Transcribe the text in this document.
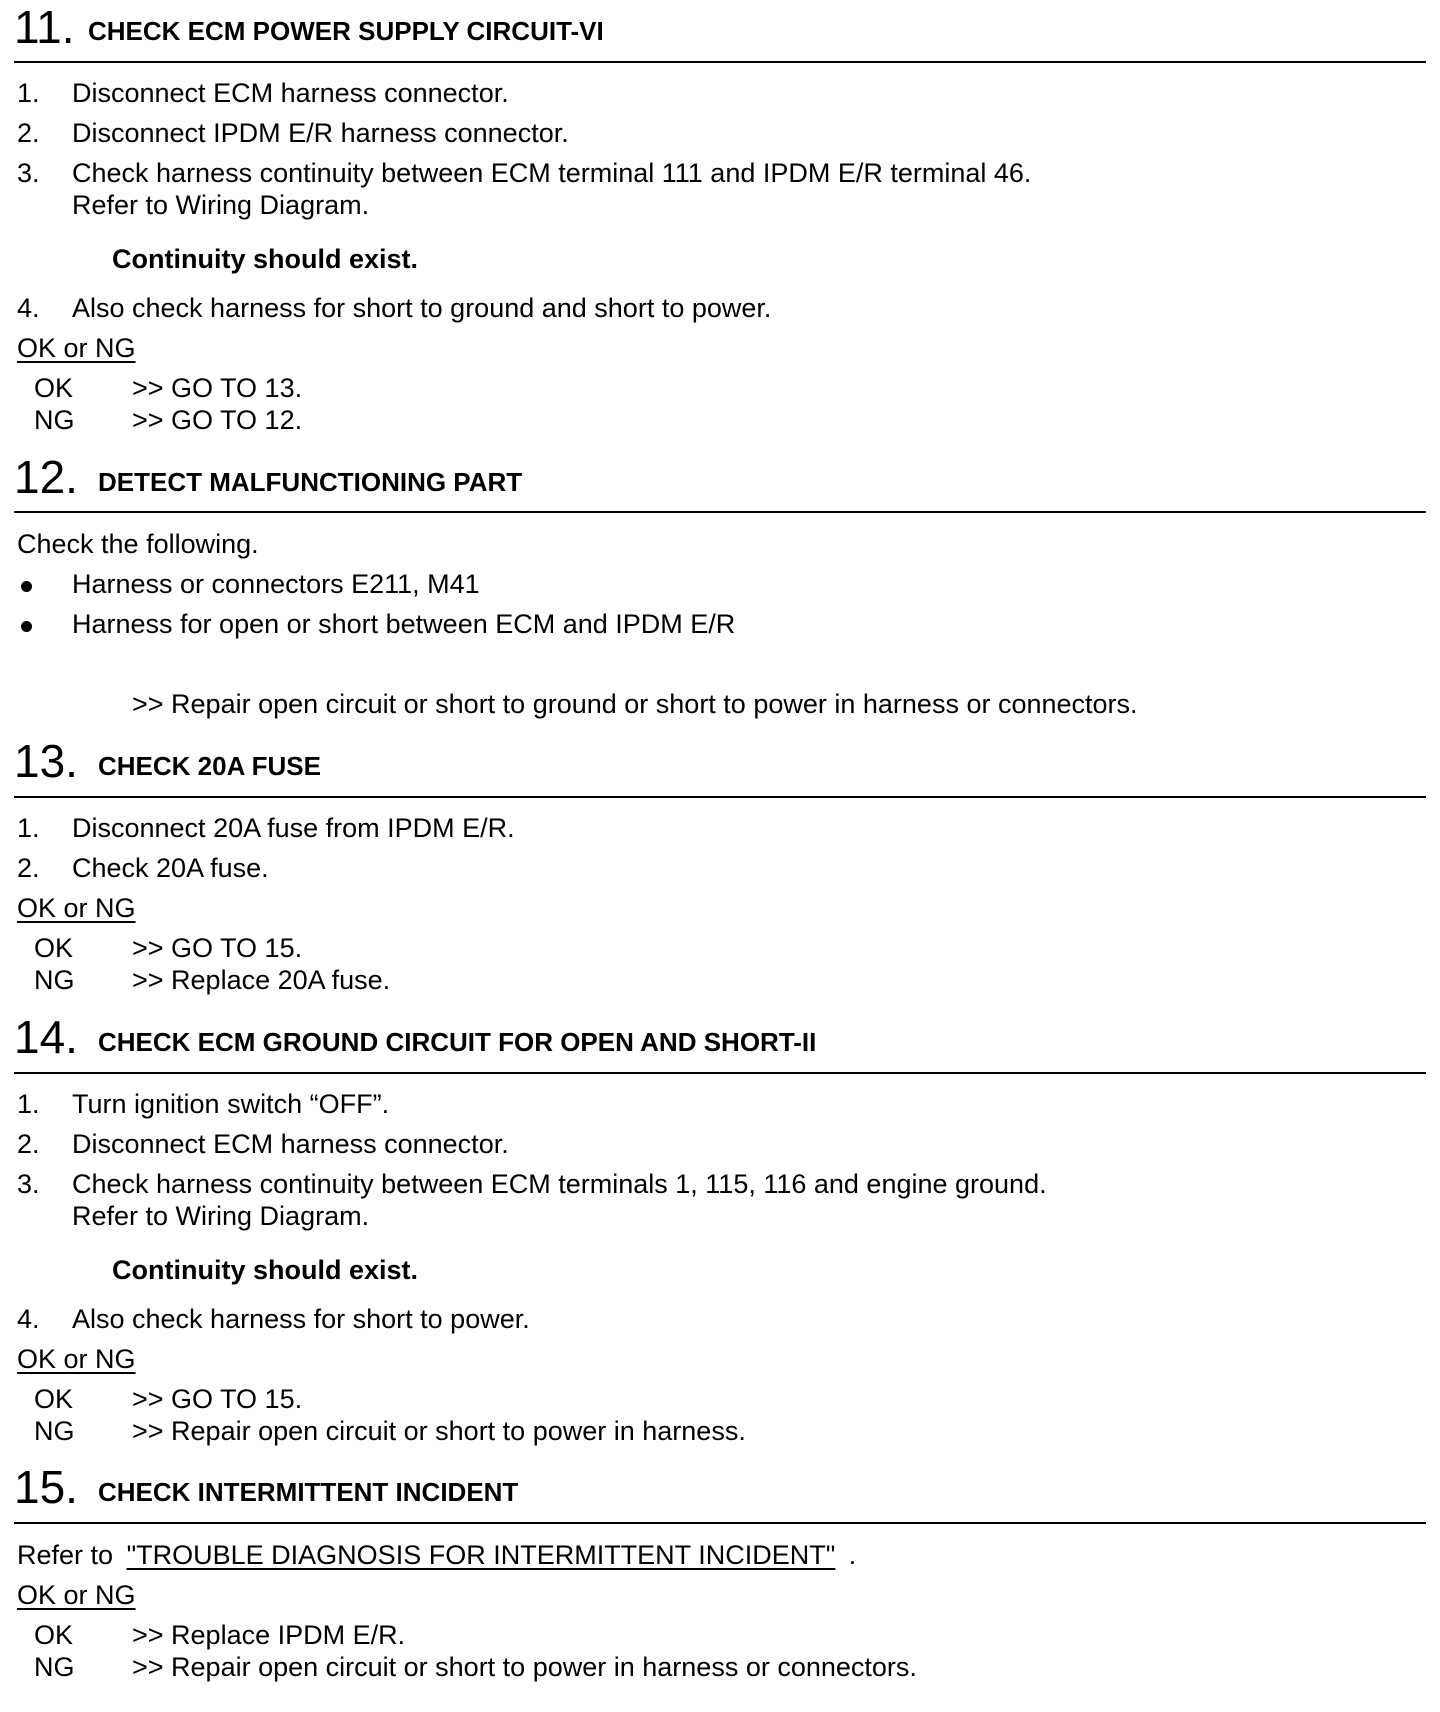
11. CHECK ECM POWER SUPPLY CIRCUIT-VI
1. Disconnect ECM harness connector.
2. Disconnect IPDM E/R harness connector.
3. Check harness continuity between ECM terminal 111 and IPDM E/R terminal 46.
Refer to Wiring Diagram.
Continuity should exist.
4. Also check harness for short to ground and short to power.
OK or NG
OK >> GO TO 13.
NG >> GO TO 12.
12. DETECT MALFUNCTIONING PART
Check the following.
Harness or connectors E211, M41
Harness for open or short between ECM and IPDM E/R
>> Repair open circuit or short to ground or short to power in harness or connectors.
13. CHECK 20A FUSE
1. Disconnect 20A fuse from IPDM E/R.
2. Check 20A fuse.
OK or NG
OK >> GO TO 15.
NG >> Replace 20A fuse.
14. CHECK ECM GROUND CIRCUIT FOR OPEN AND SHORT-II
1. Turn ignition switch “OFF”.
2. Disconnect ECM harness connector.
3. Check harness continuity between ECM terminals 1, 115, 116 and engine ground.
Refer to Wiring Diagram.
Continuity should exist.
4. Also check harness for short to power.
OK or NG
OK >> GO TO 15.
NG >> Repair open circuit or short to power in harness.
15. CHECK INTERMITTENT INCIDENT
Refer to "TROUBLE DIAGNOSIS FOR INTERMITTENT INCIDENT" .
OK or NG
OK >> Replace IPDM E/R.
NG >> Repair open circuit or short to power in harness or connectors.
